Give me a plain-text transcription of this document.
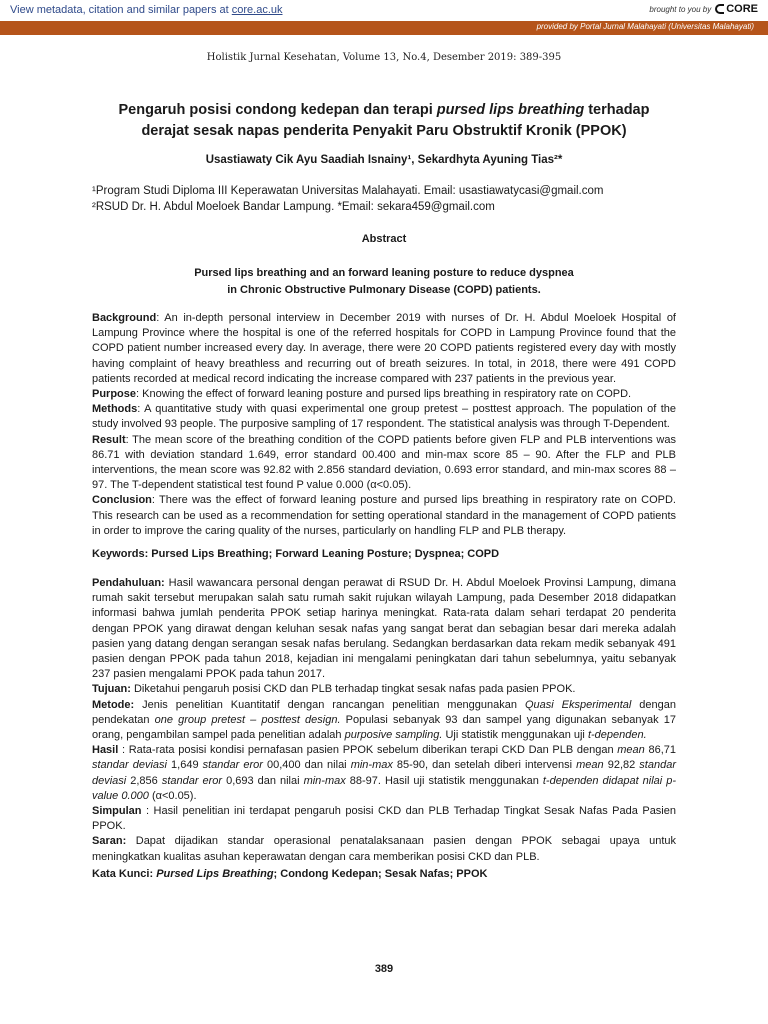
View metadata, citation and similar papers at core.ac.uk	brought to you by CORE
provided by Portal Jurnal Malahayati (Universitas Malahayati)
Holistik Jurnal Kesehatan, Volume 13, No.4, Desember 2019: 389-395
Pengaruh posisi condong kedepan dan terapi pursed lips breathing terhadap
derajat sesak napas penderita Penyakit Paru Obstruktif Kronik (PPOK)
Usastiawaty Cik Ayu Saadiah Isnainy¹, Sekardhyta Ayuning Tias²*
¹Program Studi Diploma III Keperawatan Universitas Malahayati. Email: usastiawatycasi@gmail.com
²RSUD Dr. H. Abdul Moeloek Bandar Lampung. *Email: sekara459@gmail.com
Abstract
Pursed lips breathing and an forward leaning posture to reduce dyspnea
in Chronic Obstructive Pulmonary Disease (COPD) patients.

Background: An in-depth personal interview in December 2019 with nurses of Dr. H. Abdul Moeloek Hospital of Lampung Province where the hospital is one of the referred hospitals for COPD in Lampung Province found that the COPD patient number increased every day. In average, there were 20 COPD patients registered every day with mostly having complaint of heavy breathless and recurring out of breath seizures. In total, in 2018, there were 491 COPD patients recorded at medical record indicating the increase compared with 237 patients in the previous year.

Purpose: Knowing the effect of forward leaning posture and pursed lips breathing in respiratory rate on COPD.

Methods: A quantitative study with quasi experimental one group pretest – posttest approach. The population of the study involved 93 people. The purposive sampling of 17 respondent. The statistical analysis was through T-Dependent.

Result: The mean score of the breathing condition of the COPD patients before given FLP and PLB interventions was 86.71 with deviation standard 1.649, error standard 00.400 and min-max score 85 – 90. After the FLP and PLB interventions, the mean score was 92.82 with 2.856 standard deviation, 0.693 error standard, and min-max scores 88 – 97. The T-dependent statistical test found P value 0.000 (α<0.05).

Conclusion: There was the effect of forward leaning posture and pursed lips breathing in respiratory rate on COPD. This research can be used as a recommendation for setting operational standard in the management of COPD patients in order to improve the caring quality of the nurses, particularly on handling FLP and PLB therapy.

Keywords: Pursed Lips Breathing; Forward Leaning Posture; Dyspnea; COPD

Pendahuluan: Hasil wawancara personal dengan perawat di RSUD Dr. H. Abdul Moeloek Provinsi Lampung, dimana rumah sakit tersebut merupakan salah satu rumah sakit rujukan wilayah Lampung, pada Desember 2018 didapatkan informasi bahwa jumlah penderita PPOK setiap harinya meningkat. Rata-rata dalam sehari terdapat 20 penderita dengan PPOK yang dirawat dengan keluhan sesak nafas yang sangat berat dan sebagian besar dari mereka adalah pasien yang datang dengan serangan sesak nafas berulang. Sedangkan berdasarkan data rekam medik sebanyak 491 pasien dengan PPOK pada tahun 2018, kejadian ini mengalami peningkatan dari tahun sebelumnya, yaitu sebanyak 237 pasien mengalami PPOK pada tahun 2017.

Tujuan: Diketahui pengaruh posisi CKD dan PLB terhadap tingkat sesak nafas pada pasien PPOK.

Metode: Jenis penelitian Kuantitatif dengan rancangan penelitian menggunakan Quasi Eksperimental dengan pendekatan one group pretest – posttest design. Populasi sebanyak 93 dan sampel yang digunakan sebanyak 17 orang, pengambilan sampel pada penelitian adalah purposive sampling. Uji statistik menggunakan uji t-dependen.

Hasil : Rata-rata posisi kondisi pernafasan pasien PPOK sebelum diberikan terapi CKD Dan PLB dengan mean 86,71 standar deviasi 1,649 standar eror 00,400 dan nilai min-max 85-90, dan setelah diberi intervensi mean 92,82 standar deviasi 2,856 standar eror 0,693 dan nilai min-max 88-97. Hasil uji statistik menggunakan t-dependen didapat nilai p-value 0.000 (α<0.05).

Simpulan : Hasil penelitian ini terdapat pengaruh posisi CKD dan PLB Terhadap Tingkat Sesak Nafas Pada Pasien PPOK.

Saran: Dapat dijadikan standar operasional penatalaksanaan pasien dengan PPOK sebagai upaya untuk meningkatkan kualitas asuhan keperawatan dengan cara memberikan posisi CKD dan PLB.

Kata Kunci: Pursed Lips Breathing; Condong Kedepan; Sesak Nafas; PPOK
389
